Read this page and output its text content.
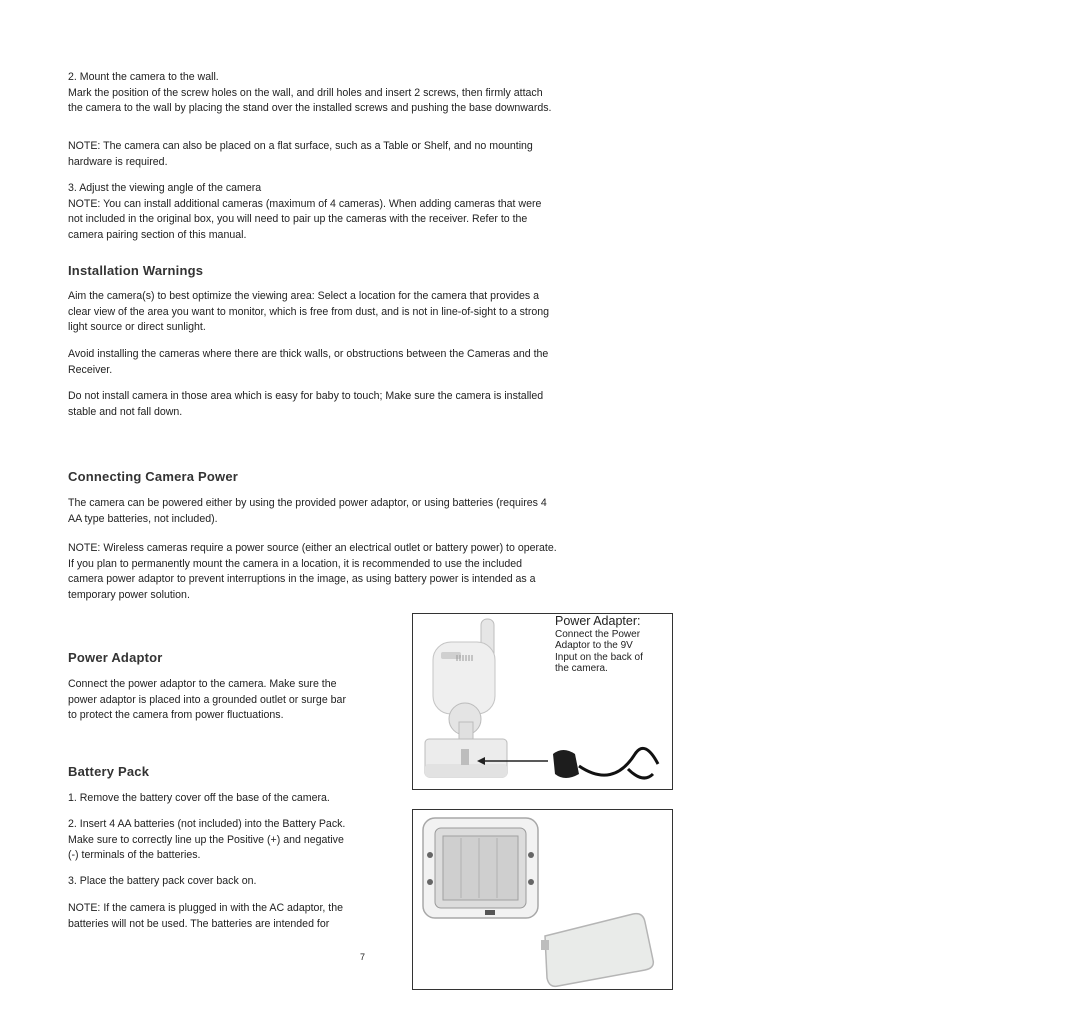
2. Mount the camera to the wall.
Mark the position of the screw holes on the wall, and drill holes and insert 2 screws, then firmly attach
the camera to the wall by placing the stand over the installed screws and pushing the base downwards.
NOTE: The camera can also be placed on a flat surface, such as a Table or Shelf, and no mounting
hardware is required.
3. Adjust the viewing angle of the camera
NOTE: You can install additional cameras (maximum of 4 cameras). When adding cameras that were
not included in the original box, you will need to pair up the cameras with the receiver. Refer to the
camera pairing section of this manual.
Installation Warnings
Aim the camera(s) to best optimize the viewing area: Select a location for the camera that provides a
clear view of the area you want to monitor, which is free from dust, and is not in line-of-sight to a strong
light source or direct sunlight.
Avoid installing the cameras where there are thick walls, or obstructions between the Cameras and the
Receiver.
Do not install camera in those area which is easy for baby to touch; Make sure the camera is installed
stable and not fall down.
Connecting Camera Power
The camera can be powered either by using the provided power adaptor, or using batteries (requires 4
AA type batteries, not included).
NOTE: Wireless cameras require a power source (either an electrical outlet or battery power) to operate.
If you plan to permanently mount the camera in a location, it is recommended to use the included
camera power adaptor to prevent interruptions in the image, as using battery power is intended as a
temporary power solution.
Power Adaptor
Connect the power adaptor to the camera. Make sure the
power adaptor is placed into a grounded outlet or surge bar
to protect the camera from power fluctuations.
Battery Pack
1. Remove the battery cover off the base of the camera.
2. Insert 4 AA batteries (not included) into the Battery Pack.
Make sure to correctly line up the Positive (+) and negative
(-) terminals of the batteries.
3. Place the battery pack cover back on.
NOTE: If the camera is plugged in with the AC adaptor, the
batteries will not be used. The batteries are intended for
7
Power Adapter:
Connect the Power
Adaptor to the 9V
Input on the back of
the camera.
